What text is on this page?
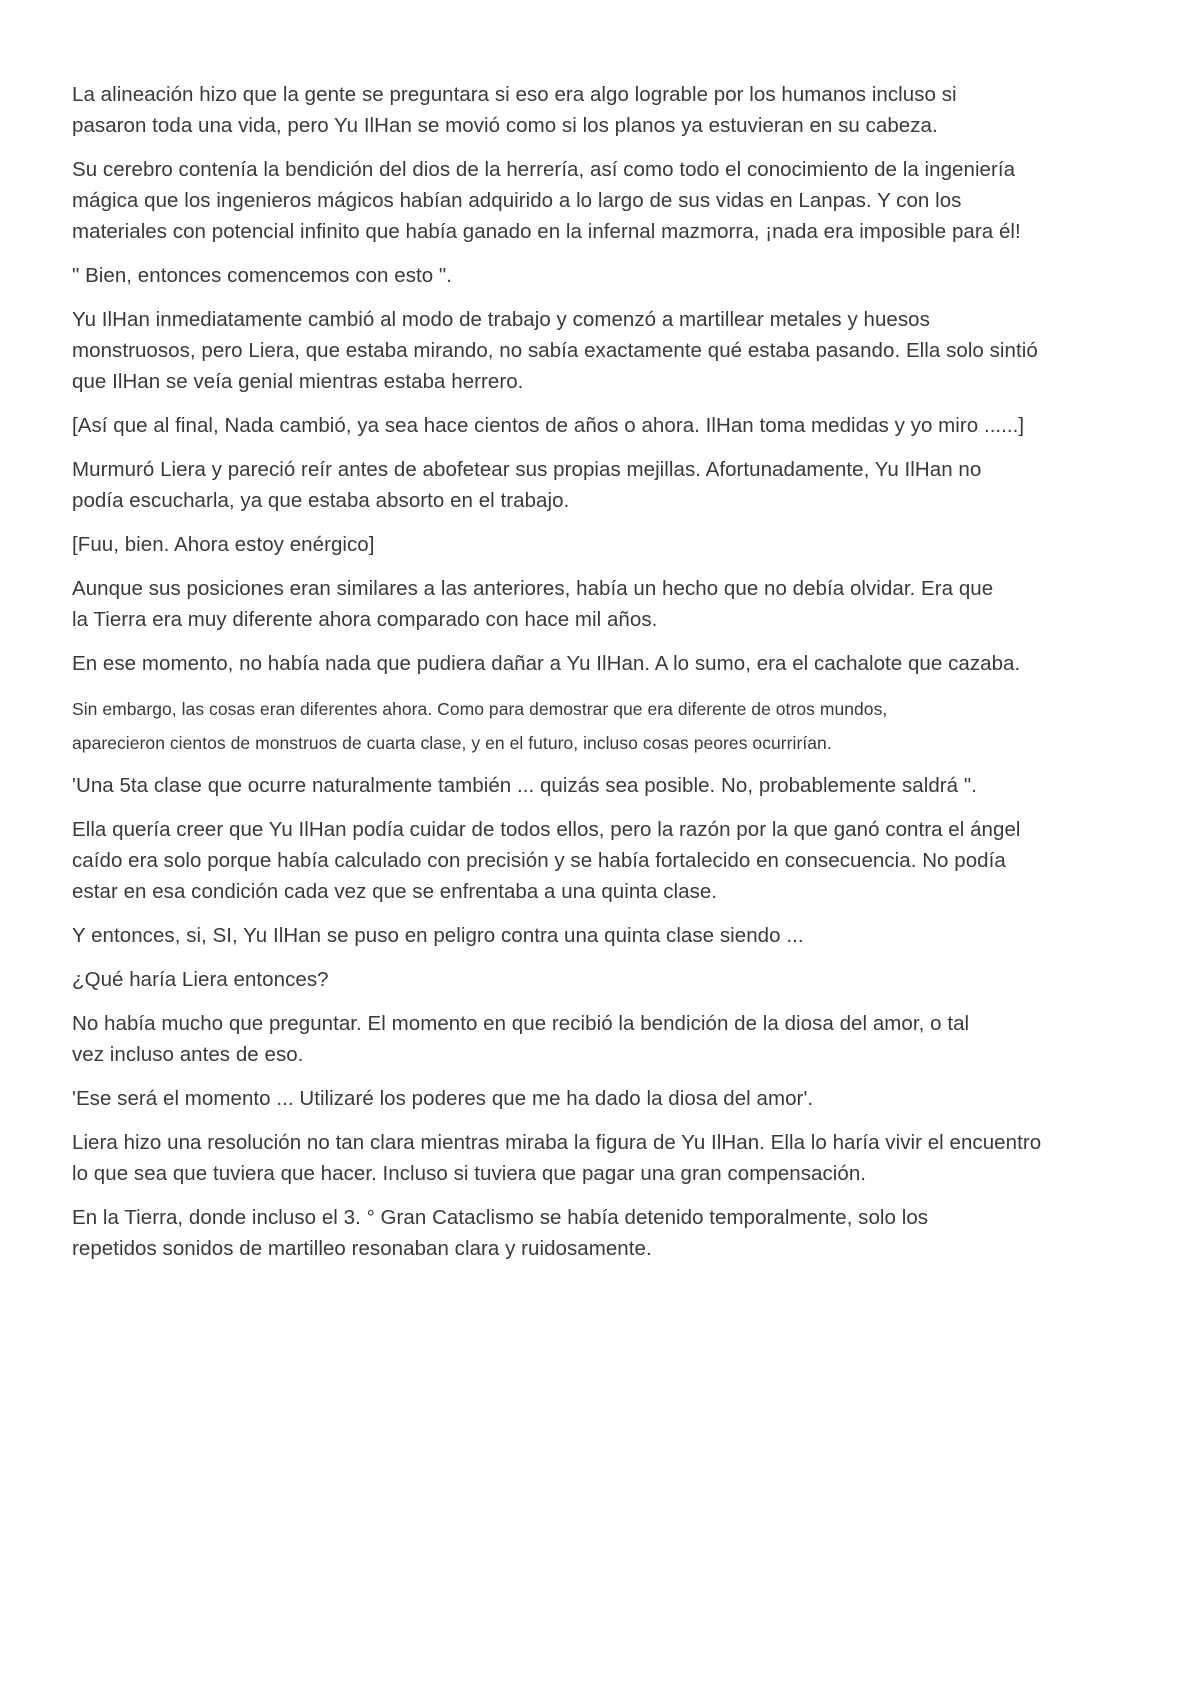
La alineación hizo que la gente se preguntara si eso era algo lograble por los humanos incluso si
pasaron toda una vida, pero Yu IlHan se movió como si los planos ya estuvieran en su cabeza.

Su cerebro contenía la bendición del dios de la herrería, así como todo el conocimiento de la ingeniería
mágica que los ingenieros mágicos habían adquirido a lo largo de sus vidas en Lanpas. Y con los
materiales con potencial infinito que había ganado en la infernal mazmorra, ¡nada era imposible para él!

" Bien, entonces comencemos con esto ".

Yu IlHan inmediatamente cambió al modo de trabajo y comenzó a martillear metales y huesos
monstruosos, pero Liera, que estaba mirando, no sabía exactamente qué estaba pasando. Ella solo sintió
que IlHan se veía genial mientras estaba herrero.

[Así que al final, Nada cambió, ya sea hace cientos de años o ahora. IlHan toma medidas y yo miro ......]

Murmuró Liera y pareció reír antes de abofetear sus propias mejillas. Afortunadamente, Yu IlHan no
podía escucharla, ya que estaba absorto en el trabajo.

[Fuu, bien. Ahora estoy enérgico]

Aunque sus posiciones eran similares a las anteriores, había un hecho que no debía olvidar. Era que
la Tierra era muy diferente ahora comparado con hace mil años.

En ese momento, no había nada que pudiera dañar a Yu IlHan. A lo sumo, era el cachalote que cazaba.

Sin embargo, las cosas eran diferentes ahora. Como para demostrar que era diferente de otros mundos,
aparecieron cientos de monstruos de cuarta clase, y en el futuro, incluso cosas peores ocurrirían.

'Una 5ta clase que ocurre naturalmente también ... quizás sea posible. No, probablemente saldrá ".

Ella quería creer que Yu IlHan podía cuidar de todos ellos, pero la razón por la que ganó contra el ángel
caído era solo porque había calculado con precisión y se había fortalecido en consecuencia. No podía
estar en esa condición cada vez que se enfrentaba a una quinta clase.

Y entonces, si, SI, Yu IlHan se puso en peligro contra una quinta clase siendo ...

¿Qué haría Liera entonces?

No había mucho que preguntar. El momento en que recibió la bendición de la diosa del amor, o tal
vez incluso antes de eso.

'Ese será el momento ... Utilizaré los poderes que me ha dado la diosa del amor'.

Liera hizo una resolución no tan clara mientras miraba la figura de Yu IlHan. Ella lo haría vivir el encuentro
lo que sea que tuviera que hacer. Incluso si tuviera que pagar una gran compensación.

En la Tierra, donde incluso el 3. ° Gran Cataclismo se había detenido temporalmente, solo los
repetidos sonidos de martilleo resonaban clara y ruidosamente.
